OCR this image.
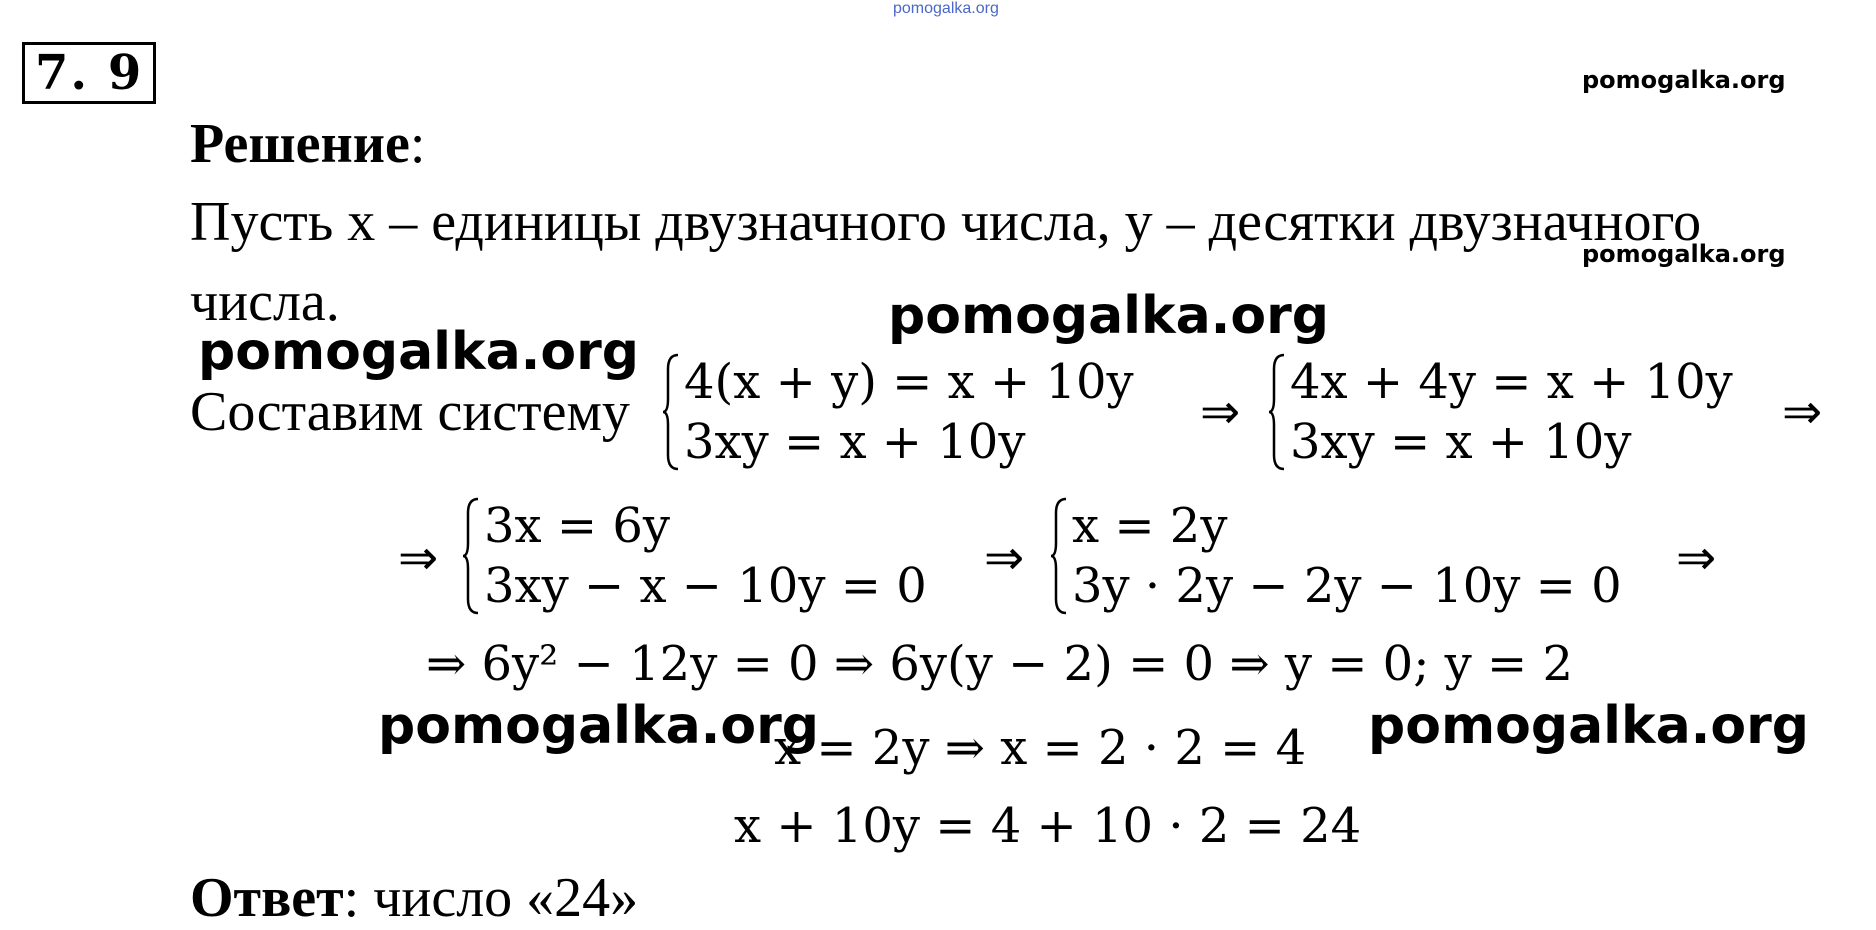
pomogalka.org
7. 9	pomogalka.org
pomogalka.org
pomogalka.org
pomogalka.org
pomogalka.org	pomogalka.org
Решение:
Пусть х – единицы двузначного числа, у – десятки двузначного
числа.
Составим систему 4(x + y) = x + 10y
3xy = x + 10y
⇒
4x + 4y = x + 10y
3xy = x + 10y
⇒
⇒
3x = 6y
3xy − x − 10y = 0 ⇒
x = 2y
3y · 2y − 2y − 10y = 0 ⇒
⇒ 6y² − 12y = 0 ⇒ 6y(y − 2) = 0 ⇒ y = 0; y = 2
x = 2y ⇒ x = 2 · 2 = 4
x + 10y = 4 + 10 · 2 = 24
Ответ: число «24»
